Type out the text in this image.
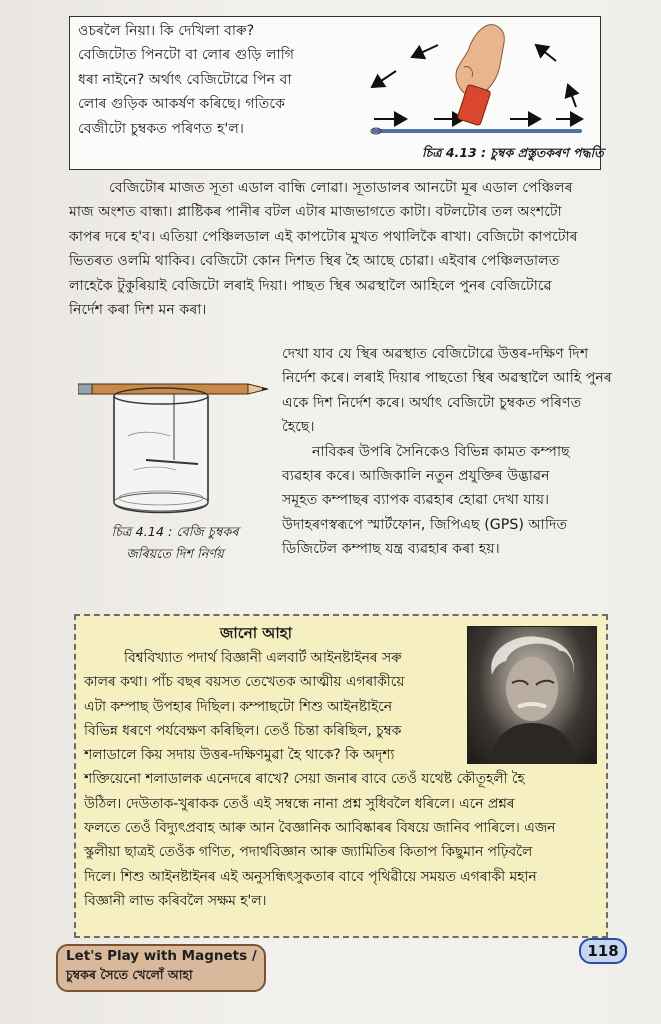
ওচৰলৈ নিয়া। কি দেখিলা বাৰু?
বেজিটোত পিনটো বা লোৰ গুড়ি লাগি
ধৰা নাইনে? অৰ্থাৎ বেজিটোৱে পিন বা
লোৰ গুড়িক আকৰ্ষণ কৰিছে। গতিকে
বেজীটো চুম্বকত পৰিণত হ'ল।
চিত্ৰ 4.13 : চুম্বক প্ৰস্তুতকৰণ পদ্ধতি
বেজিটোৰ মাজত সূতা এডাল বান্ধি লোৱা। সূতাডালৰ আনটো মূৰ এডাল পেঞ্চিলৰ
মাজ অংশত বান্ধা। প্লাষ্টিকৰ পানীৰ বটল এটাৰ মাজভাগতে কাটা। বটলটোৰ তল অংশটো
কাপৰ দৰে হ'ব। এতিয়া পেঞ্চিলডাল এই কাপটোৰ মুখত পথালিকৈ ৰাখা। বেজিটো কাপটোৰ
ভিতৰত ওলমি থাকিব। বেজিটো কোন দিশত স্থিৰ হৈ আছে চোৱা। এইবাৰ পেঞ্চিলডালত
লাহেকৈ টুকুৰিয়াই বেজিটো লৰাই দিয়া। পাছত স্থিৰ অৱস্থালৈ আহিলে পুনৰ বেজিটোৱে
নিৰ্দেশ কৰা দিশ মন কৰা।
চিত্ৰ 4.14 : বেজি চুম্বকৰ
জৰিয়তে দিশ নিৰ্ণয়
দেখা যাব যে স্থিৰ অৱস্থাত বেজিটোৱে উত্তৰ-দক্ষিণ দিশ
নিৰ্দেশ কৰে। লৰাই দিয়াৰ পাছতো স্থিৰ অৱস্থালৈ আহি পুনৰ
একে দিশ নিৰ্দেশ কৰে। অৰ্থাৎ বেজিটো চুম্বকত পৰিণত
হৈছে।
নাবিকৰ উপৰি সৈনিকেও বিভিন্ন কামত কম্পাছ
ব্যৱহাৰ কৰে। আজিকালি নতুন প্ৰযুক্তিৰ উদ্ভাৱন
সমূহত কম্পাছৰ ব্যাপক ব্যৱহাৰ হোৱা দেখা যায়।
উদাহৰণস্বৰূপে স্মাৰ্টফোন, জিপিএছ (GPS) আদিত
ডিজিটেল কম্পাছ যন্ত্ৰ ব্যৱহাৰ কৰা হয়।
জানো আহা
বিশ্ববিখ্যাত পদাৰ্থ বিজ্ঞানী এলবাৰ্ট আইনষ্টাইনৰ সৰু
কালৰ কথা। পাঁচ বছৰ বয়সত তেখেতক আত্মীয় এগৰাকীয়ে
এটা কম্পাছ উপহাৰ দিছিল। কম্পাছটো শিশু আইনষ্টাইনে
বিভিন্ন ধৰণে পৰ্যবেক্ষণ কৰিছিল। তেওঁ চিন্তা কৰিছিল, চুম্বক
শলাডালে কিয় সদায় উত্তৰ-দক্ষিণমুৱা হৈ থাকে? কি অদৃশ্য
শক্তিয়েনো শলাডালক এনেদৰে ৰাখে? সেয়া জনাৰ বাবে তেওঁ যথেষ্ট কৌতূহলী হৈ
উঠিল। দেউতাক-খুৰাকক তেওঁ এই সম্বন্ধে নানা প্ৰশ্ন সুধিবলৈ ধৰিলে। এনে প্ৰশ্নৰ
ফলতে তেওঁ বিদ্যুৎপ্ৰবাহ আৰু আন বৈজ্ঞানিক আবিষ্কাৰৰ বিষয়ে জানিব পাৰিলে। এজন
স্কুলীয়া ছাত্ৰই তেওঁক গণিত, পদাৰ্থবিজ্ঞান আৰু জ্যামিতিৰ কিতাপ কিছুমান পঢ়িবলৈ
দিলে। শিশু আইনষ্টাইনৰ এই অনুসন্ধিৎসুকতাৰ বাবে পৃথিৱীয়ে সময়ত এগৰাকী মহান
বিজ্ঞানী লাভ কৰিবলৈ সক্ষম হ'ল।
Let's Play with Magnets /
চুম্বকৰ সৈতে খেলোঁ আহা
118
